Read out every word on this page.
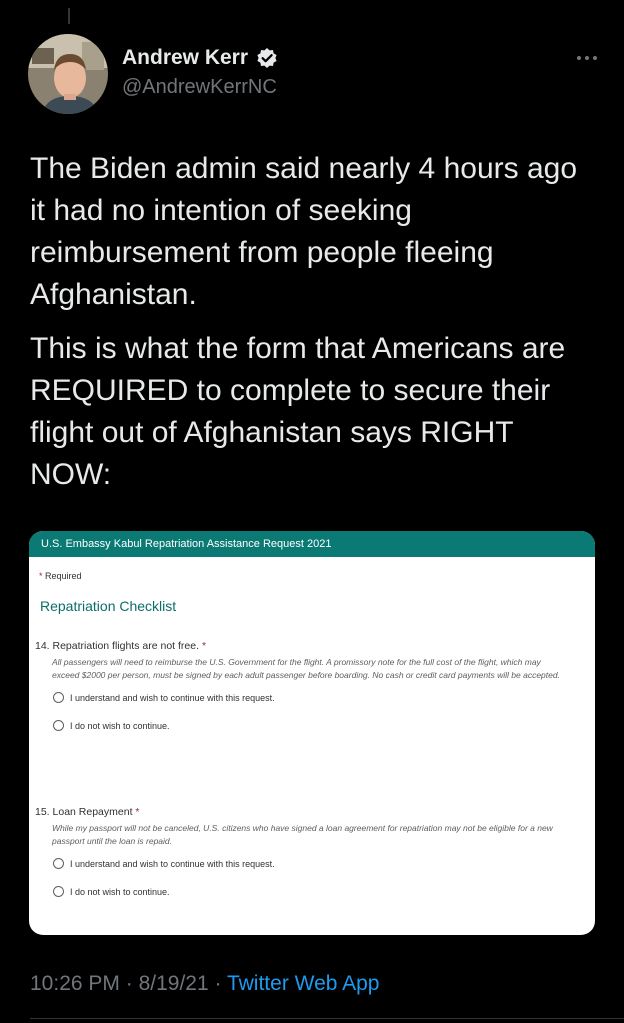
Andrew Kerr
@AndrewKerrNC

The Biden admin said nearly 4 hours ago it had no intention of seeking reimbursement from people fleeing Afghanistan.

This is what the form that Americans are REQUIRED to complete to secure their flight out of Afghanistan says RIGHT NOW:

U.S. Embassy Kabul Repatriation Assistance Request 2021
* Required
Repatriation Checklist
14. Repatriation flights are not free. *
All passengers will need to reimburse the U.S. Government for the flight. A promissory note for the full cost of the flight, which may exceed $2000 per person, must be signed by each adult passenger before boarding. No cash or credit card payments will be accepted.
I understand and wish to continue with this request.
I do not wish to continue.
15. Loan Repayment *
While my passport will not be canceled, U.S. citizens who have signed a loan agreement for repatriation may not be eligible for a new passport until the loan is repaid.
I understand and wish to continue with this request.
I do not wish to continue.
10:26 PM · 8/19/21 · Twitter Web App
